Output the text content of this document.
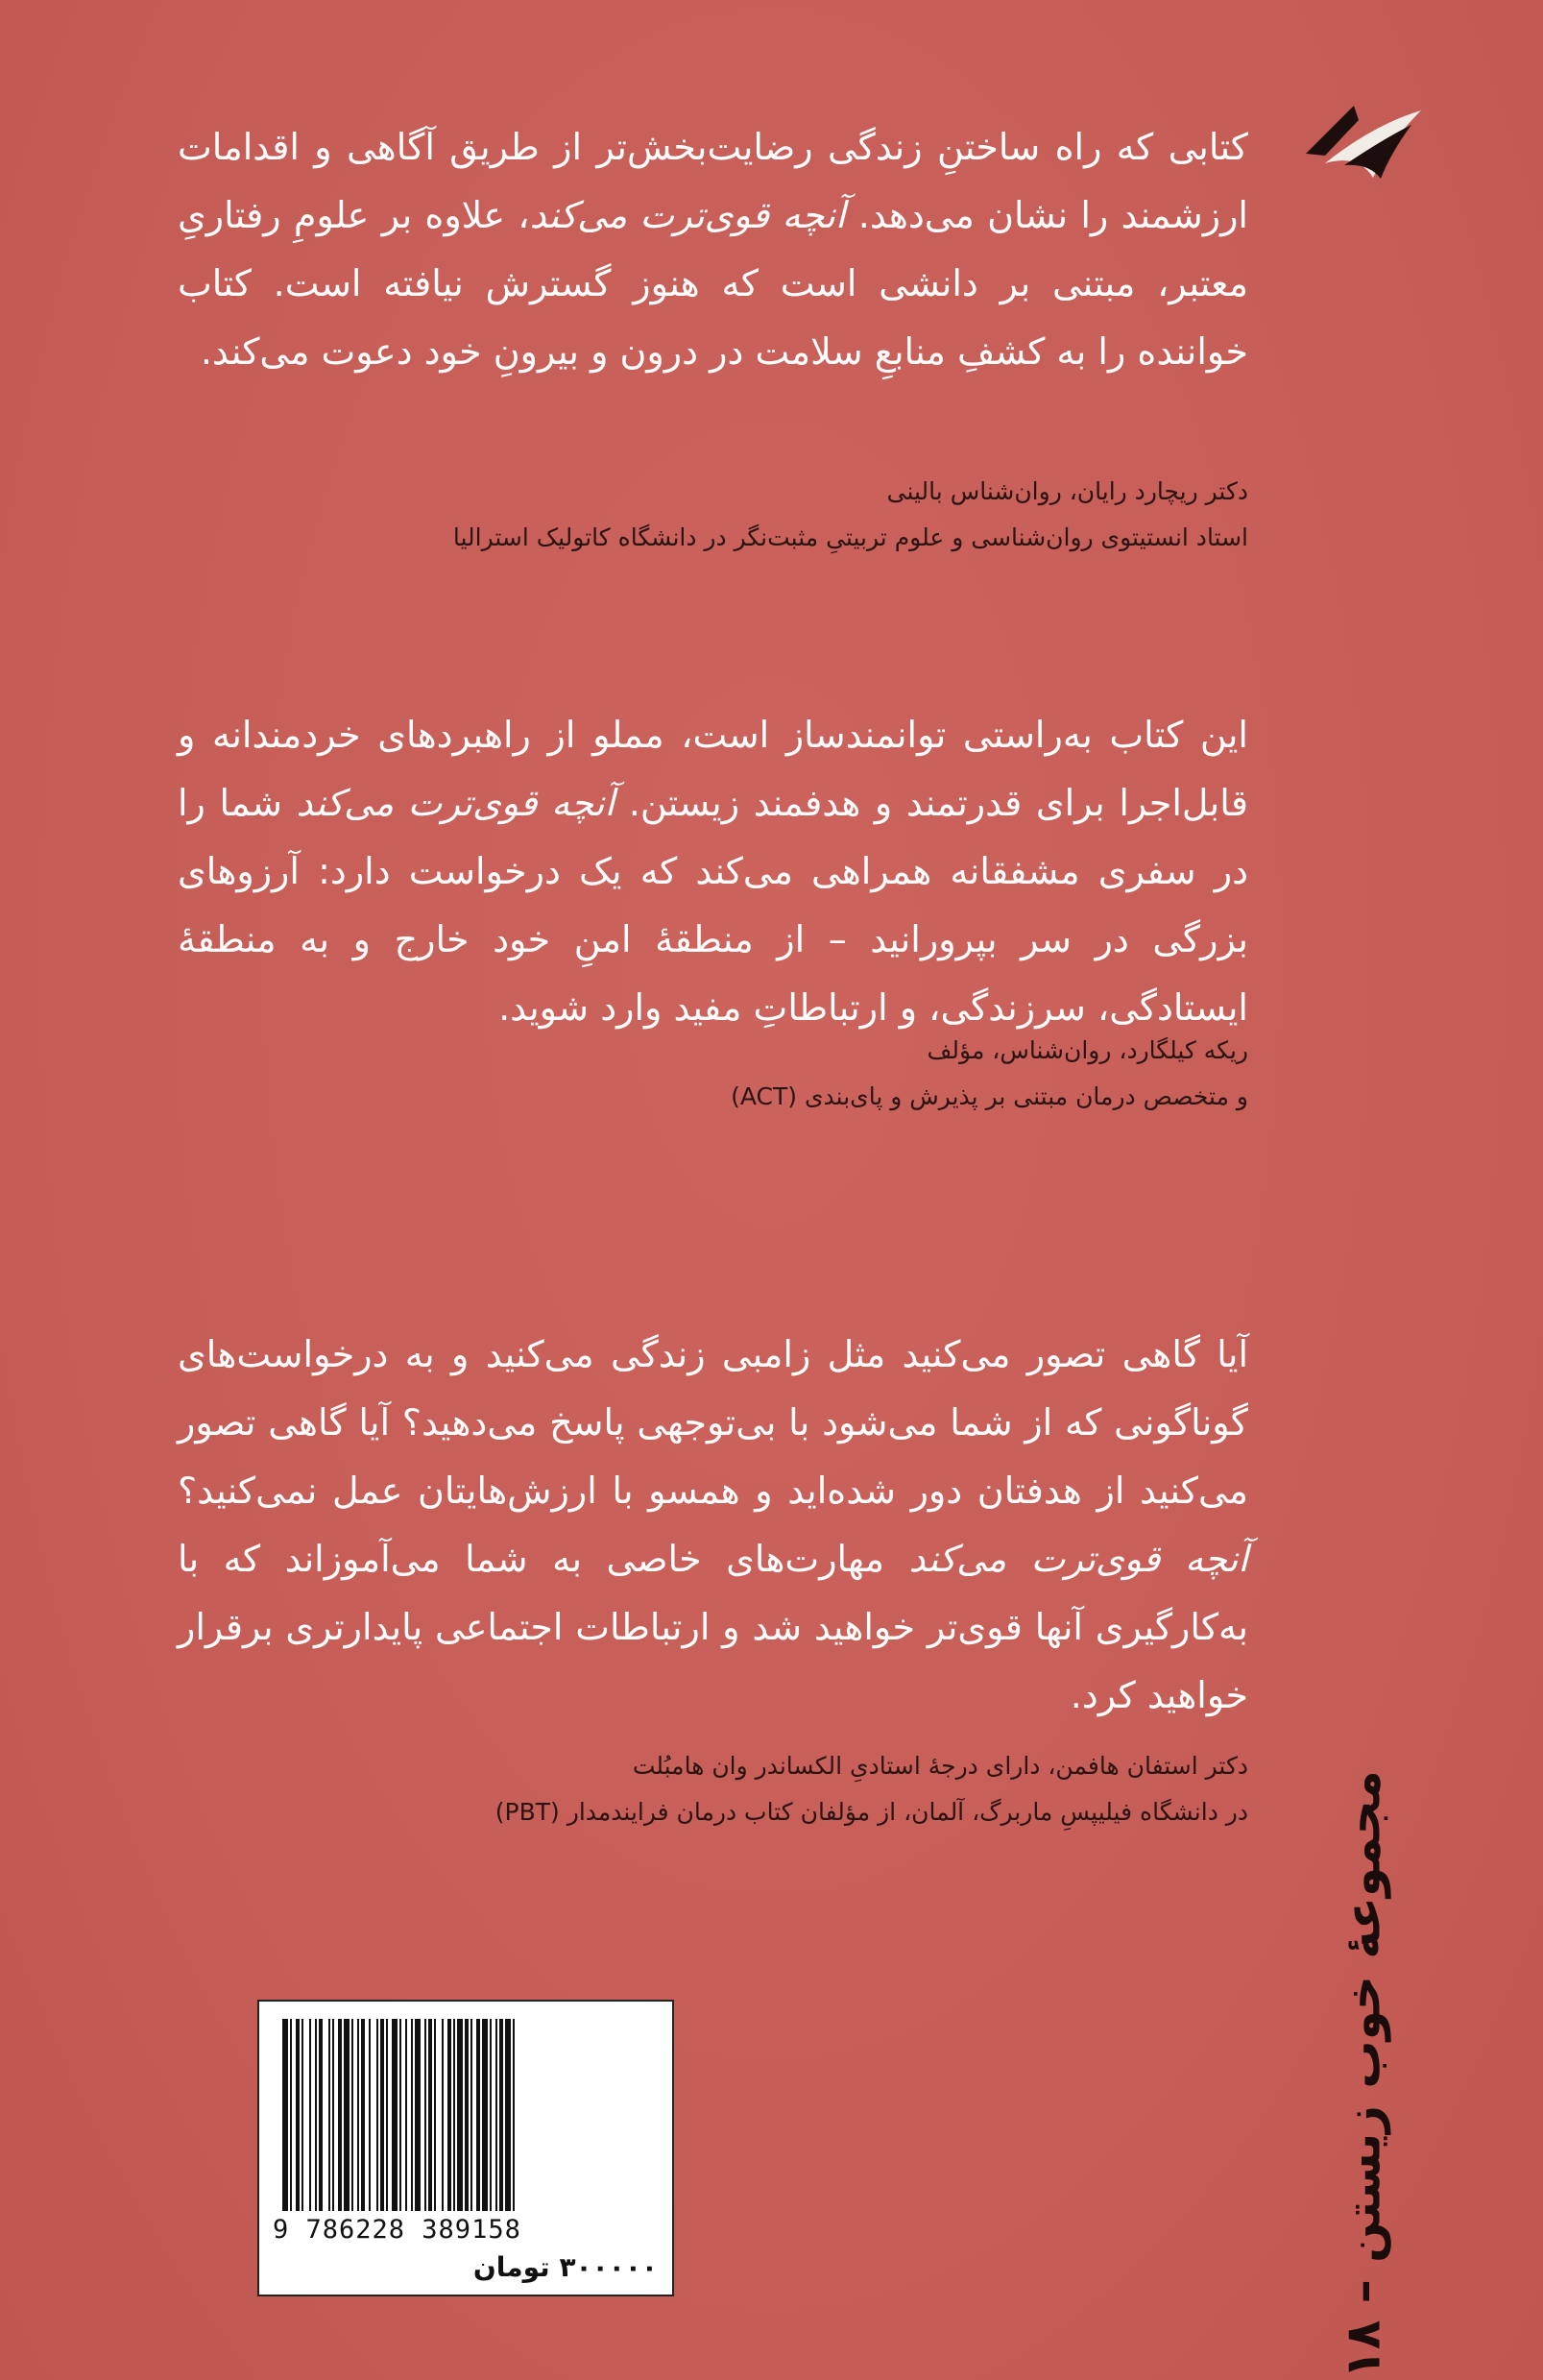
کتابی که راه ساختنِ زندگی رضایت‌بخش‌تر از طریق آگاهی و اقدامات ارزشمند را نشان می‌دهد. آنچه قوی‌ترت می‌کند، علاوه بر علومِ رفتاریِ معتبر، مبتنی بر دانشی است که هنوز گسترش نیافته است. کتاب خواننده را به کشفِ منابعِ سلامت در درون و بیرونِ خود دعوت می‌کند.

دکتر ریچارد رایان، روان‌شناس بالینی

استاد انستیتوی روان‌شناسی و علوم تربیتیِ مثبت‌نگر در دانشگاه کاتولیک استرالیا

این کتاب به‌راستی توانمندساز است، مملو از راهبردهای خردمندانه و قابل‌اجرا برای قدرتمند و هدفمند زیستن. آنچه قوی‌ترت می‌کند شما را در سفری مشفقانه همراهی می‌کند که یک درخواست دارد: آرزوهای بزرگی در سر بپرورانید – از منطقهٔ امنِ خود خارج و به منطقهٔ ایستادگی، سرزندگی، و ارتباطاتِ مفید وارد شوید.

ریکه کیلگارد، روان‌شناس، مؤلف

و متخصص درمان مبتنی بر پذیرش و پای‌بندی (ACT)

آیا گاهی تصور می‌کنید مثل زامبی زندگی می‌کنید و به درخواست‌های گوناگونی که از شما می‌شود با بی‌توجهی پاسخ می‌دهید؟ آیا گاهی تصور می‌کنید از هدفتان دور شده‌اید و همسو با ارزش‌هایتان عمل نمی‌کنید؟ آنچه قوی‌ترت می‌کند مهارت‌های خاصی به شما می‌آموزاند که با به‌کارگیری آنها قوی‌تر خواهید شد و ارتباطات اجتماعی پایدارتری برقرار خواهید کرد.

دکتر استفان هافمن، دارای درجهٔ استادیِ الکساندر وان هامبُلت

در دانشگاه فیلیپسِ ماربرگ، آلمان، از مؤلفان کتاب درمان فرایندمدار (PBT)

مجموعهٔ خوب زیستن – ۱۸
9 786228 389158
۳۰۰۰۰۰ تومان
